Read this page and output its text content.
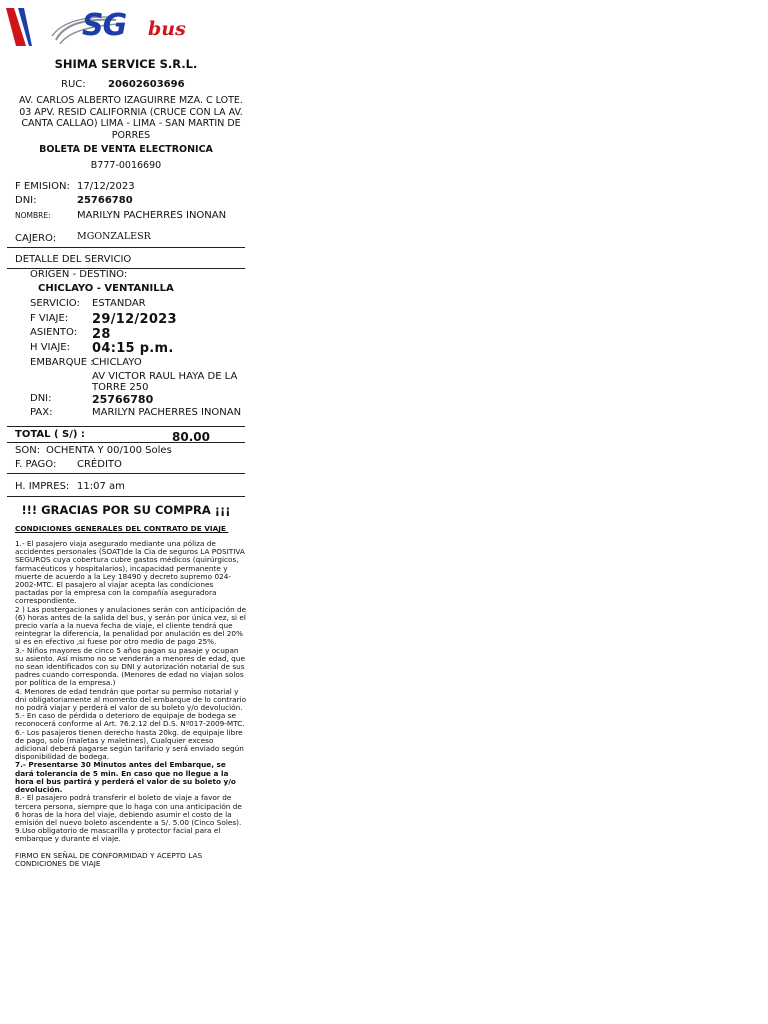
SG bus
SHIMA SERVICE S.R.L.
RUC: 20602603696
AV. CARLOS ALBERTO IZAGUIRRE MZA. C LOTE. 03 APV. RESID CALIFORNIA (CRUCE CON LA AV. CANTA CALLAO) LIMA - LIMA - SAN MARTIN DE PORRES
BOLETA DE VENTA ELECTRONICA
B777-0016690
F EMISION: 17/12/2023
DNI:	25766780
NOMBRE:	MARILYN PACHERRES INONAN
CAJERO: MGONZALESR
DETALLE DEL SERVICIO
ORIGEN - DESTINO:
CHICLAYO - VENTANILLA
SERVICIO: ESTANDAR
F VIAJE: 29/12/2023
ASIENTO: 28
H VIAJE: 04:15 p.m.
EMBARQUE :
CHICLAYO
AV VICTOR RAUL HAYA DE LA TORRE 250
DNI:	25766780
PAX:	MARILYN PACHERRES INONAN
TOTAL ( S/) :	80.00
SON: OCHENTA Y 00/100 Soles
F. PAGO: CRÉDITO
H. IMPRES: 11:07 am
!!! GRACIAS POR SU COMPRA ¡¡¡
CONDICIONES GENERALES DEL CONTRATO DE VIAJE

1.- El pasajero viaja asegurado mediante una póliza de accidentes personales (SOAT)de la Cia de seguros LA POSITIVA SEGUROS cuya cobertura cubre gastos médicos (quirúrgicos, farmacéuticos y hospitalarios), incapacidad permanente y muerte de acuerdo a la Ley 18490 y decreto supremo 024-2002-MTC. El pasajero al viajar acepta las condiciones pactadas por la empresa con la compañía aseguradora correspondiente.

2 ) Las postergaciones y anulaciones serán con anticipación de (6) horas antes de la salida del bus, y serán por única vez, si el precio varía a la nueva fecha de viaje, el cliente tendrá que reintegrar la diferencia, la penalidad por anulación es del 20% si es en efectivo ,si fuese por otro medio de pago 25%.

3.- Niños mayores de cinco 5 años pagan su pasaje y ocupan su asiento. Así mismo no se venderán a menores de edad, que no sean identificados con su DNI y autorización notarial de sus padres cuando corresponda. (Menores de edad no viajan solos por política de la empresa.)

4. Menores de edad tendrán que portar su permiso notarial y dni obligatoriamente al momento del embarque de lo contrario no podrá viajar y perderá el valor de su boleto y/o devolución.

5.- En caso de pérdida o deterioro de equipaje de bodega se reconocerá conforme al Art. 76.2.12 del D.S. Nº017-2009-MTC.

6.- Los pasajeros tienen derecho hasta 20kg. de equipaje libre de pago, solo (maletas y maletines), Cualquier exceso adicional deberá pagarse según tarifario y será enviado según disponibilidad de bodega.

7.- Presentarse 30 Minutos antes del Embarque, se dará tolerancia de 5 min. En caso que no llegue a la hora el bus partirá y perderá el valor de su boleto y/o devolución.

8.- El pasajero podrá transferir el boleto de viaje a favor de tercera persona, siempre que lo haga con una anticipación de 6 horas de la hora del viaje, debiendo asumir el costo de la emisión del nuevo boleto ascendente a S/. 5.00 (Cinco Soles).

9.Uso obligatorio de mascarilla y protector facial para el embarque y durante el viaje.

FIRMO EN SEÑAL DE CONFORMIDAD Y ACEPTO LAS CONDICIONES DE VIAJE
